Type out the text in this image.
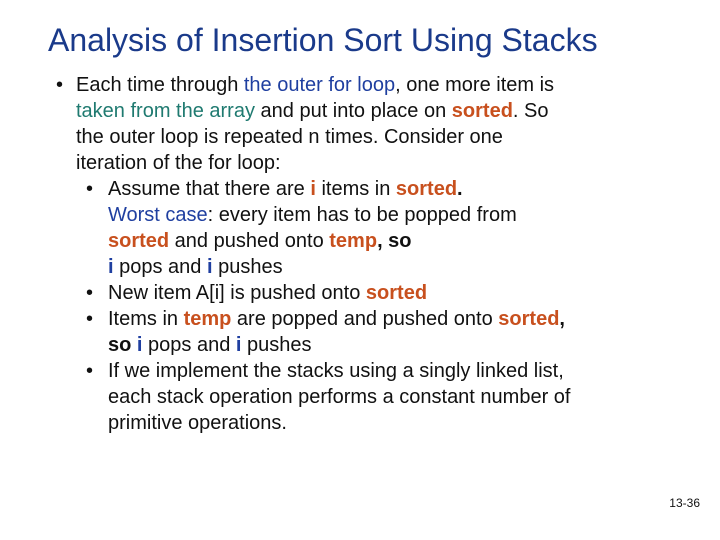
Analysis of Insertion Sort Using Stacks
• Each time through the outer for loop, one more item is
taken from the array and put into place on sorted. So
the outer loop is repeated n times. Consider one
iteration of the for loop:
• Assume that there are i items in sorted.
Worst case: every item has to be popped from
sorted and pushed onto temp, so
i pops and i pushes
• New item A[i] is pushed onto sorted
• Items in temp are popped and pushed onto sorted,
so i pops and i pushes
• If we implement the stacks using a singly linked list,
each stack operation performs a constant number of
primitive operations.
13-36
